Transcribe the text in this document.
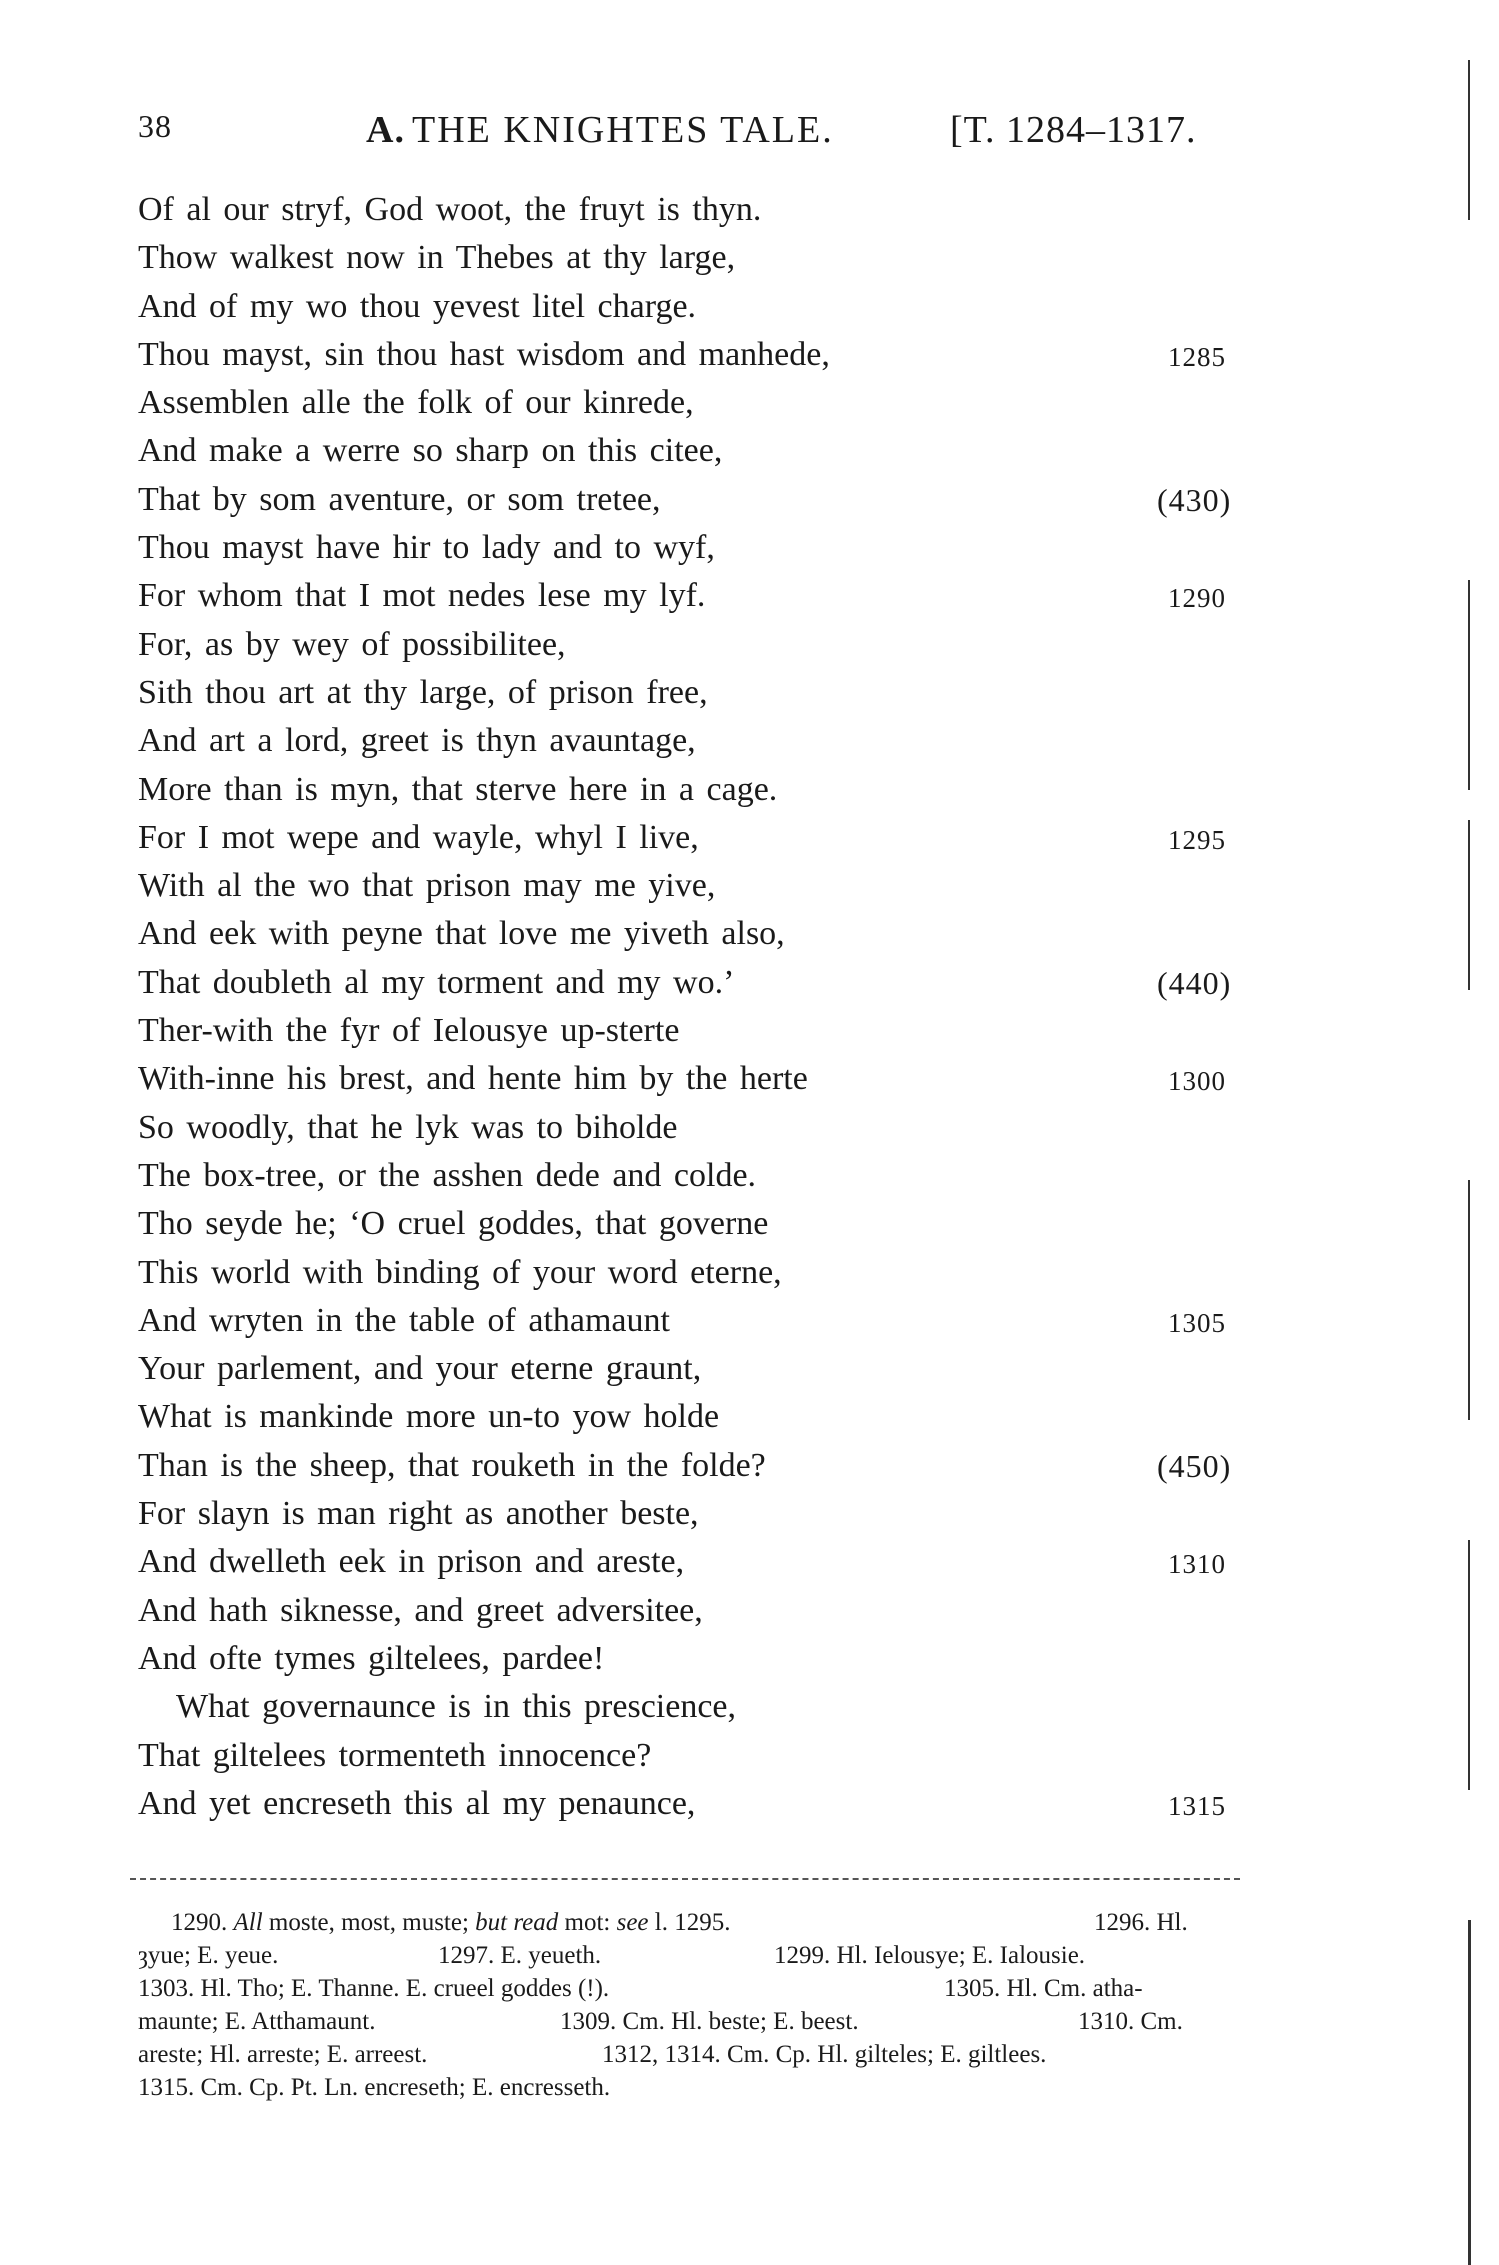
38	A. THE KNIGHTES TALE.	[T. 1284–1317.
Of al our stryf, God woot, the fruyt is thyn.
Thow walkest now in Thebes at thy large,
And of my wo thou yevest litel charge.
Thou mayst, sin thou hast wisdom and manhede,	1285
Assemblen alle the folk of our kinrede,
And make a werre so sharp on this citee,
That by som aventure, or som tretee,	(430)
Thou mayst have hir to lady and to wyf,
For whom that I mot nedes lese my lyf.	1290
For, as by wey of possibilitee,
Sith thou art at thy large, of prison free,
And art a lord, greet is thyn avauntage,
More than is myn, that sterve here in a cage.
For I mot wepe and wayle, whyl I live,	1295
With al the wo that prison may me yive,
And eek with peyne that love me yiveth also,
That doubleth al my torment and my wo.’	(440)
Ther-with the fyr of Ielousye up-sterte
With-inne his brest, and hente him by the herte	1300
So woodly, that he lyk was to biholde
The box-tree, or the asshen dede and colde.
Tho seyde he; ‘O cruel goddes, that governe
This world with binding of your word eterne,
And wryten in the table of athamaunt	1305
Your parlement, and your eterne graunt,
What is mankinde more un-to yow holde
Than is the sheep, that rouketh in the folde?	(450)
For slayn is man right as another beste,
And dwelleth eek in prison and areste,	1310
And hath siknesse, and greet adversitee,
And ofte tymes giltelees, pardee!
What governaunce is in this prescience,
That giltelees tormenteth innocence?
And yet encreseth this al my penaunce,	1315
1290. All moste, most, muste; but read mot: see l. 1295.	1296. Hl.
ȝyue; E. yeue.	1297. E. yeueth.	1299. Hl. Ielousye; E. Ialousie.
1303. Hl. Tho; E. Thanne. E. crueel goddes (!).	1305. Hl. Cm. atha-
maunte; E. Atthamaunt.	1309. Cm. Hl. beste; E. beest.	1310. Cm.
areste; Hl. arreste; E. arreest.	1312, 1314. Cm. Cp. Hl. gilteles; E. giltlees.
1315. Cm. Cp. Pt. Ln. encreseth; E. encresseth.
